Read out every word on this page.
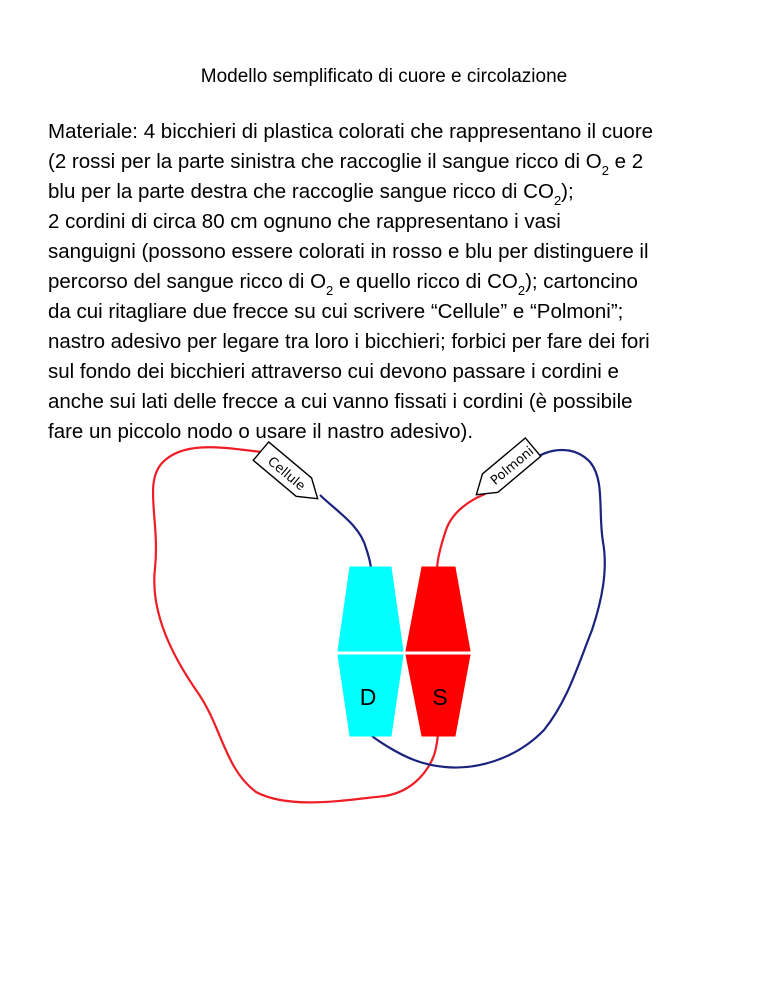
Modello semplificato di cuore e circolazione
Materiale: 4 bicchieri di plastica colorati che rappresentano il cuore
(2 rossi per la parte sinistra che raccoglie il sangue ricco di $O_2$ e 2
blu per la parte destra che raccoglie sangue ricco di $CO_2$);
2 cordini di circa 80 cm ognuno che rappresentano i vasi
sanguigni (possono essere colorati in rosso e blu per distinguere il
percorso del sangue ricco di $O_2$ e quello ricco di $CO_2$); cartoncino
da cui ritagliare due frecce su cui scrivere “Cellule” e “Polmoni”;
nastro adesivo per legare tra loro i bicchieri; forbici per fare dei fori
sul fondo dei bicchieri attraverso cui devono passare i cordini e
anche sui lati delle frecce a cui vanno fissati i cordini (è possibile
fare un piccolo nodo o usare il nastro adesivo).
D S
Cellule	Polmoni
